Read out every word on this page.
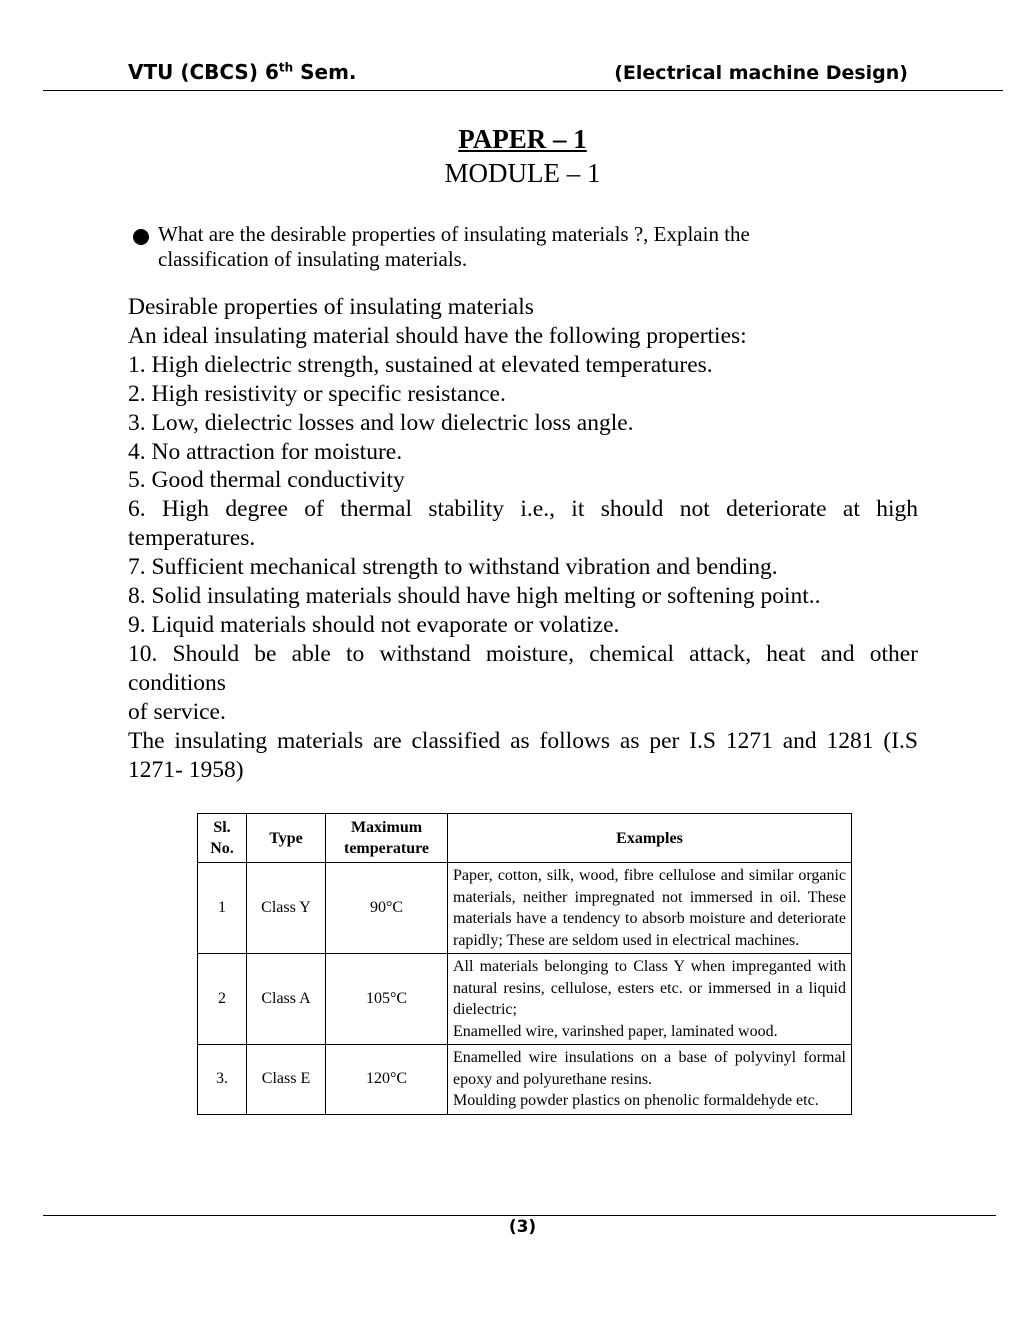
VTU (CBCS) 6th Sem.	(Electrical machine Design)
PAPER – 1
MODULE – 1
What are the desirable properties of insulating materials ?, Explain the classification of insulating materials.

Desirable properties of insulating materials

An ideal insulating material should have the following properties:

1. High dielectric strength, sustained at elevated temperatures.

2. High resistivity or specific resistance.

3. Low, dielectric losses and low dielectric loss angle.

4. No attraction for moisture.

5. Good thermal conductivity

6. High degree of thermal stability i.e., it should not deteriorate at high

temperatures.

7. Sufficient mechanical strength to withstand vibration and bending.

8. Solid insulating materials should have high melting or softening point..

9. Liquid materials should not evaporate or volatize.

10. Should be able to withstand moisture, chemical attack, heat and other

conditions

of service.

The insulating materials are classified as follows as per I.S 1271 and 1281 (I.S

1271- 1958)

Sl.
No.	Type	Maximum
temperature	Examples
1	Class Y	90°C	Paper, cotton, silk, wood, fibre cellulose and similar organic materials, neither impregnated not immersed in oil. These materials have a tendency to absorb moisture and deteriorate rapidly; These are seldom used in electrical machines.
2	Class A	105°C	All materials belonging to Class Y when impreganted with natural resins, cellulose, esters etc. or immersed in a liquid dielectric;
Enamelled wire, varinshed paper, laminated wood.
3.	Class E	120°C	Enamelled wire insulations on a base of polyvinyl formal epoxy and polyurethane resins.
Moulding powder plastics on phenolic formaldehyde etc.
(3)
